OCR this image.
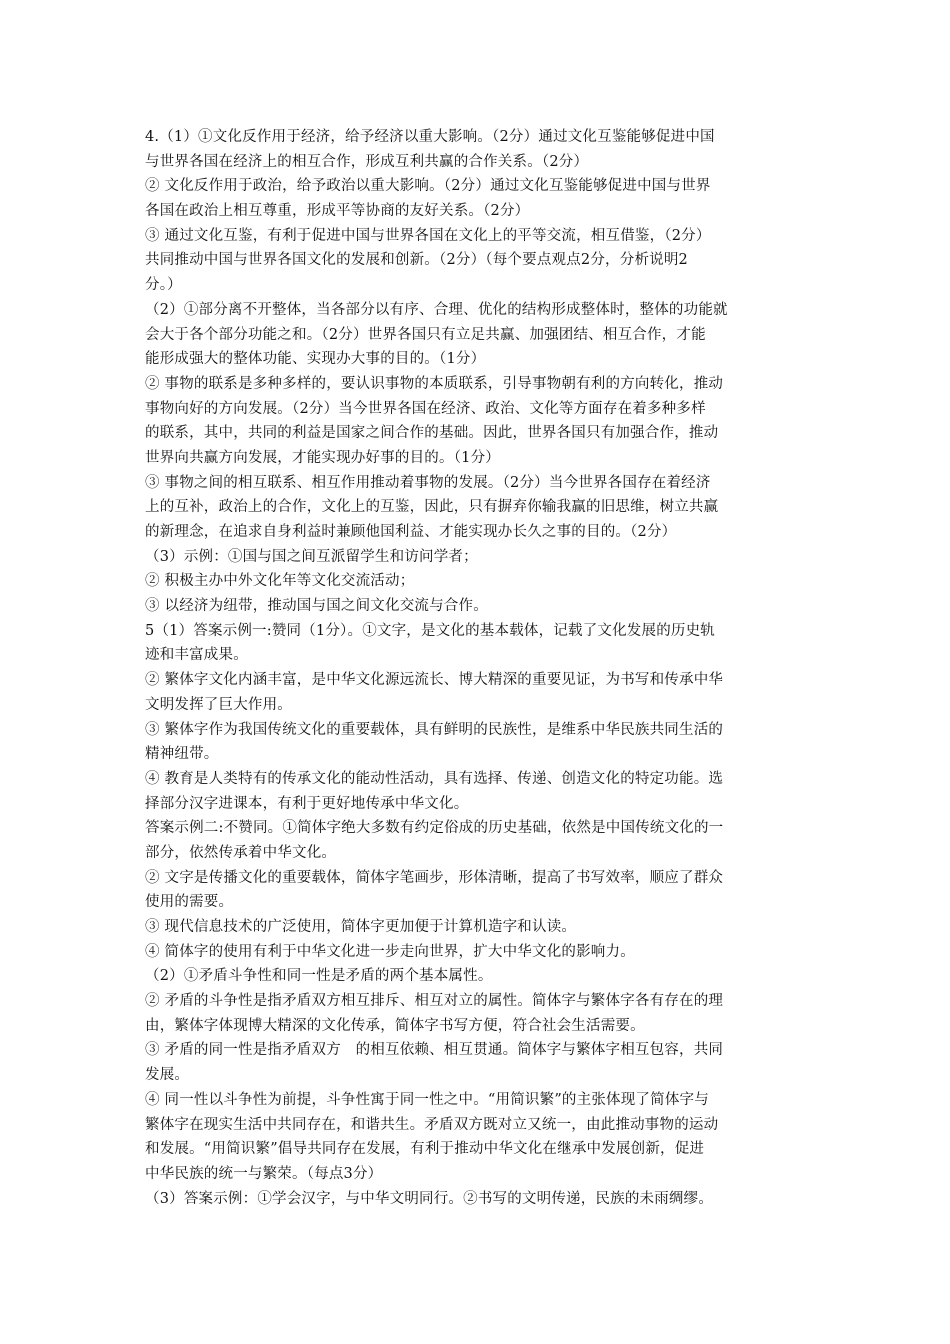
4.（1）①文化反作用于经济，给予经济以重大影响。（2分）通过文化互鉴能够促进中国
与世界各国在经济上的相互合作，形成互利共赢的合作关系。（2分）
② 文化反作用于政治，给予政治以重大影响。（2分）通过文化互鉴能够促进中国与世界
各国在政治上相互尊重，形成平等协商的友好关系。（2分）
③ 通过文化互鉴，有利于促进中国与世界各国在文化上的平等交流，相互借鉴，（2分）
共同推动中国与世界各国文化的发展和创新。（2分）（每个要点观点2分，分析说明2
分。）
（2）①部分离不开整体，当各部分以有序、合理、优化的结构形成整体时，整体的功能就
会大于各个部分功能之和。（2分）世界各国只有立足共赢、加强团结、相互合作，才能
能形成强大的整体功能、实现办大事的目的。（1分）
② 事物的联系是多种多样的，要认识事物的本质联系，引导事物朝有利的方向转化，推动
事物向好的方向发展。（2分）当今世界各国在经济、政治、文化等方面存在着多种多样
的联系，其中，共同的利益是国家之间合作的基础。因此，世界各国只有加强合作，推动
世界向共赢方向发展，才能实现办好事的目的。（1分）
③ 事物之间的相互联系、相互作用推动着事物的发展。（2分）当今世界各国存在着经济
上的互补，政治上的合作，文化上的互鉴，因此，只有摒弃你输我赢的旧思维，树立共赢
的新理念，在追求自身利益时兼顾他国利益、才能实现办长久之事的目的。（2分）
（3）示例：①国与国之间互派留学生和访问学者；
② 积极主办中外文化年等文化交流活动；
③ 以经济为纽带，推动国与国之间文化交流与合作。
5（1）答案示例一:赞同（1分）。①文字，是文化的基本载体，记载了文化发展的历史轨
迹和丰富成果。
② 繁体字文化内涵丰富，是中华文化源远流长、博大精深的重要见证，为书写和传承中华
文明发挥了巨大作用。
③ 繁体字作为我国传统文化的重要载体，具有鲜明的民族性，是维系中华民族共同生活的
精神纽带。
④ 教育是人类特有的传承文化的能动性活动，具有选择、传递、创造文化的特定功能。选
择部分汉字进课本，有利于更好地传承中华文化。
答案示例二:不赞同。①简体字绝大多数有约定俗成的历史基础，依然是中国传统文化的一
部分，依然传承着中华文化。
② 文字是传播文化的重要载体，简体字笔画步，形体清晰，提高了书写效率，顺应了群众
使用的需要。
③ 现代信息技术的广泛使用，简体字更加便于计算机造字和认读。
④ 简体字的使用有利于中华文化进一步走向世界，扩大中华文化的影响力。
（2）①矛盾斗争性和同一性是矛盾的两个基本属性。
② 矛盾的斗争性是指矛盾双方相互排斥、相互对立的属性。简体字与繁体字各有存在的理
由，繁体字体现博大精深的文化传承，简体字书写方便，符合社会生活需要。
③ 矛盾的同一性是指矛盾双方　的相互依赖、相互贯通。简体字与繁体字相互包容，共同
发展。
④ 同一性以斗争性为前提，斗争性寓于同一性之中。“用简识繁”的主张体现了简体字与
繁体字在现实生活中共同存在，和谐共生。矛盾双方既对立又统一，由此推动事物的运动
和发展。“用简识繁”倡导共同存在发展，有利于推动中华文化在继承中发展创新，促进
中华民族的统一与繁荣。（每点3分）
（3）答案示例：①学会汉字，与中华文明同行。②书写的文明传递，民族的未雨绸缪。
